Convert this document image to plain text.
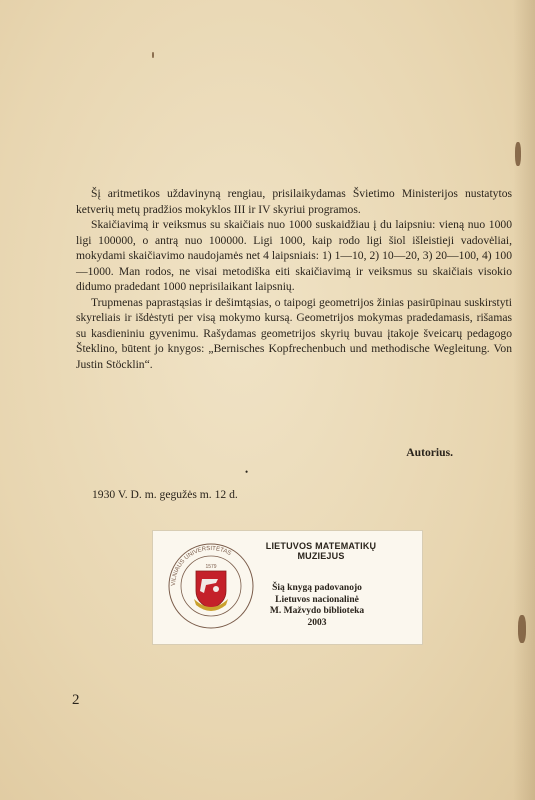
Šį aritmetikos uždavinyną rengiau, prisilaikydamas Švietimo Ministerijos nustatytos ketverių metų pradžios mokyklos III ir IV skyriui programos.

Skaičiavimą ir veiksmus su skaičiais nuo 1000 suskaidžiau į du laipsniu: vieną nuo 1000 ligi 100000, o antrą nuo 100000. Ligi 1000, kaip rodo ligi šiol išleistieji vadovėliai, mokydami skaičiavimo naudojamės net 4 laipsniais: 1) 1—10, 2) 10—20, 3) 20—100, 4) 100—1000. Man rodos, ne visai metodiška eiti skaičiavimą ir veiksmus su skaičiais visokio didumo pradedant 1000 neprisilaikant laipsnių.

Trupmenas paprastąsias ir dešimtąsias, o taipogi geometrijos žinias pasirūpinau suskirstyti skyreliais ir išdėstyti per visą mokymo kursą. Geometrijos mokymas pradedamasis, rišamas su kasdieniniu gyvenimu. Rašydamas geometrijos skyrių buvau įtakoje šveicarų pedagogo Šteklino, būtent jo knygos: „Bernisches Kopfrechenbuch und methodische Wegleitung. Von Justin Stöcklin“.

Autorius.
•
1930 V. D. m. gegužės m. 12 d.
VILNIAUS UNIVERSITETAS
1579
LIETUVOS MATEMATIKŲ MUZIEJUS
Šią knygą padovanojo
Lietuvos nacionalinė
M. Mažvydo biblioteka
2003
2
